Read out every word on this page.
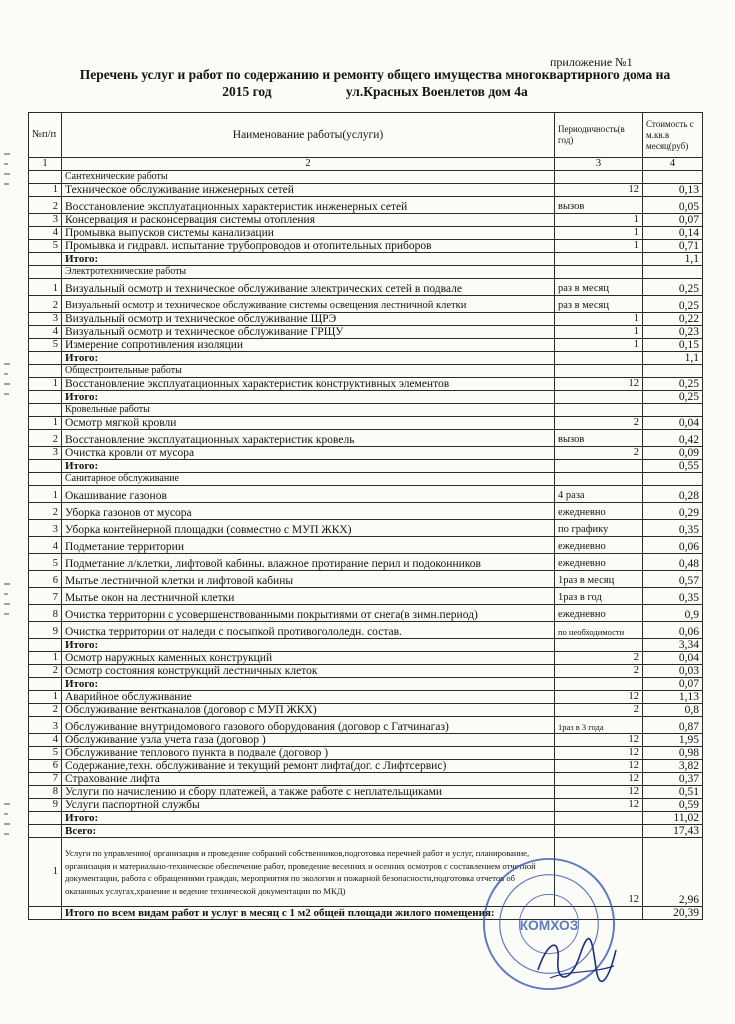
приложение №1
Перечень услуг и работ по содержанию и ремонту общего имущества многоквартирного дома на
2015 год	ул.Красных Военлетов дом 4а
№п/п	Наименование работы(услуги)	Периодичность(в год)	Стоимость с м.кв.в месяц(руб)
1	2	3	4
	Сантехнические работы		
1	Техническое обслуживание инженерных сетей	12	0,13
2	Восстановление эксплуатационных характеристик инженерных сетей	вызов	0,05
3	Консервация и расконсервация системы отопления	1	0,07
4	Промывка выпусков системы канализации	1	0,14
5	Промывка и гидравл. испытание трубопроводов и отопительных приборов	1	0,71
	Итого:		1,1
	Электротехнические работы		
1	Визуальный осмотр и техническое обслуживание электрических сетей в подвале	раз в месяц	0,25
2	Визуальный осмотр и техническое обслуживание системы освещения лестничной клетки	раз в месяц	0,25
3	Визуальный осмотр и техническое обслуживание ЩРЭ	1	0,22
4	Визуальный осмотр и техническое обслуживание ГРЩУ	1	0,23
5	Измерение сопротивления изоляции	1	0,15
	Итого:		1,1
	Общестроительные работы		
1	Восстановление эксплуатационных характеристик конструктивных элементов	12	0,25
	Итого:		0,25
	Кровельные работы		
1	Осмотр мягкой кровли	2	0,04
2	Восстановление эксплуатационных характеристик кровель	вызов	0,42
3	Очистка кровли от мусора	2	0,09
	Итого:		0,55
	Санитарное обслуживание		
1	Окашивание газонов	4 раза	0,28
2	Уборка газонов от мусора	ежедневно	0,29
3	Уборка контейнерной площадки (совместно с МУП ЖКХ)	по графику	0,35
4	Подметание территории	ежедневно	0,06
5	Подметание л/клетки, лифтовой кабины. влажное протирание перил и подоконников	ежедневно	0,48
6	Мытье лестничной клетки и лифтовой кабины	1раз в месяц	0,57
7	Мытье окон на лестничной клетки	1раз в год	0,35
8	Очистка территории с усовершенствованными покрытиями от снега(в зимн.период)	ежедневно	0,9
9	Очистка территории от наледи с посыпкой противогололедн. состав.	по необходимости	0,06
	Итого:		3,34
1	Осмотр наружных каменных конструкций	2	0,04
2	Осмотр состояния конструкций лестничных клеток	2	0,03
	Итого:		0,07
1	Аварийное обслуживание	12	1,13
2	Обслуживание вентканалов (договор с МУП ЖКХ)	2	0,8
3	Обслуживание внутридомового газового оборудования (договор с Гатчинагаз)	1раз в 3 года	0,87
4	Обслуживание узла учета газа (договор )	12	1,95
5	Обслуживание теплового пункта в подвале (договор )	12	0,98
6	Содержание,техн. обслуживание и текущий ремонт лифта(дог. с Лифтсервис)	12	3,82
7	Страхование лифта	12	0,37
8	Услуги по начислению и сбору платежей, а также работе с неплательщиками	12	0,51
9	Услуги паспортной службы	12	0,59
	Итого:		11,02
	Всего:		17,43
1	Услуги по управлению( организация и проведение собраний собственников,подготовка перечней работ и услуг, планирование, организация и материально-техническое обеспечение работ, проведение весенних и осенних осмотров с составлением отчетной документации, работа с обращениями граждан, мероприятия по экологии и пожарной безопасности,подготовка отчетов об оказанных услугах,хранение и ведение технической документации по МКД)	12	2,96
	Итого по всем видам работ и услуг в месяц с 1 м2 общей площади жилого помещения:		20,39
КОМХОЗ
